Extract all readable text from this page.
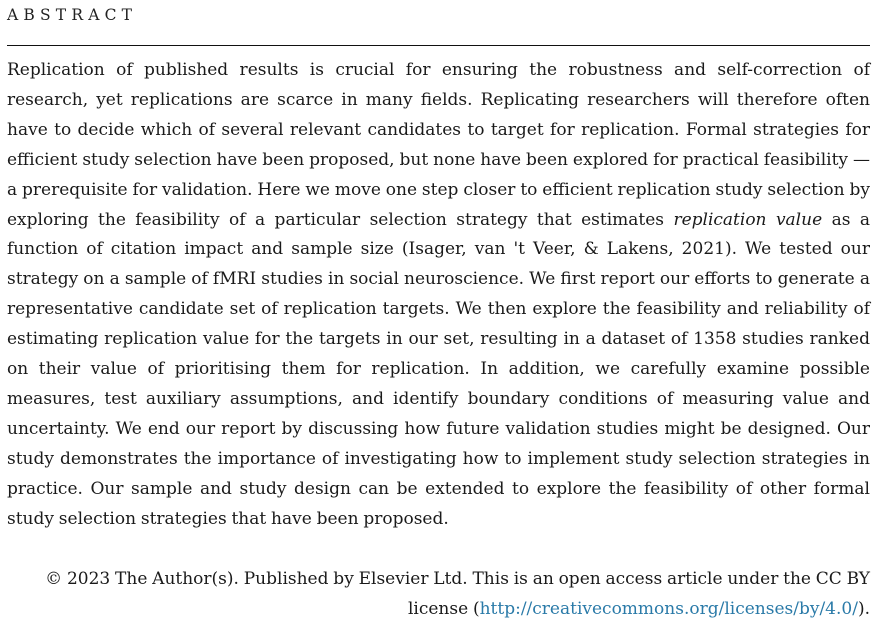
ABSTRACT

Replication of published results is crucial for ensuring the robustness and self-correction of research, yet replications are scarce in many fields. Replicating researchers will therefore often have to decide which of several relevant candidates to target for replication. Formal strategies for efficient study selection have been proposed, but none have been explored for practical feasibility — a prerequisite for validation. Here we move one step closer to efficient replication study selection by exploring the feasibility of a particular selection strategy that estimates replication value as a function of citation impact and sample size (Isager, van 't Veer, & Lakens, 2021). We tested our strategy on a sample of fMRI studies in social neuroscience. We first report our efforts to generate a representative candidate set of replication targets. We then explore the feasibility and reliability of estimating replication value for the targets in our set, resulting in a dataset of 1358 studies ranked on their value of prioritising them for replication. In addition, we carefully examine possible measures, test auxiliary assumptions, and identify boundary conditions of measuring value and uncertainty. We end our report by discussing how future validation studies might be designed. Our study demonstrates the importance of investigating how to implement study selection strategies in practice. Our sample and study design can be extended to explore the feasibility of other formal study selection strategies that have been proposed.

© 2023 The Author(s). Published by Elsevier Ltd. This is an open access article under the CC BY license (http://creativecommons.org/licenses/by/4.0/).
